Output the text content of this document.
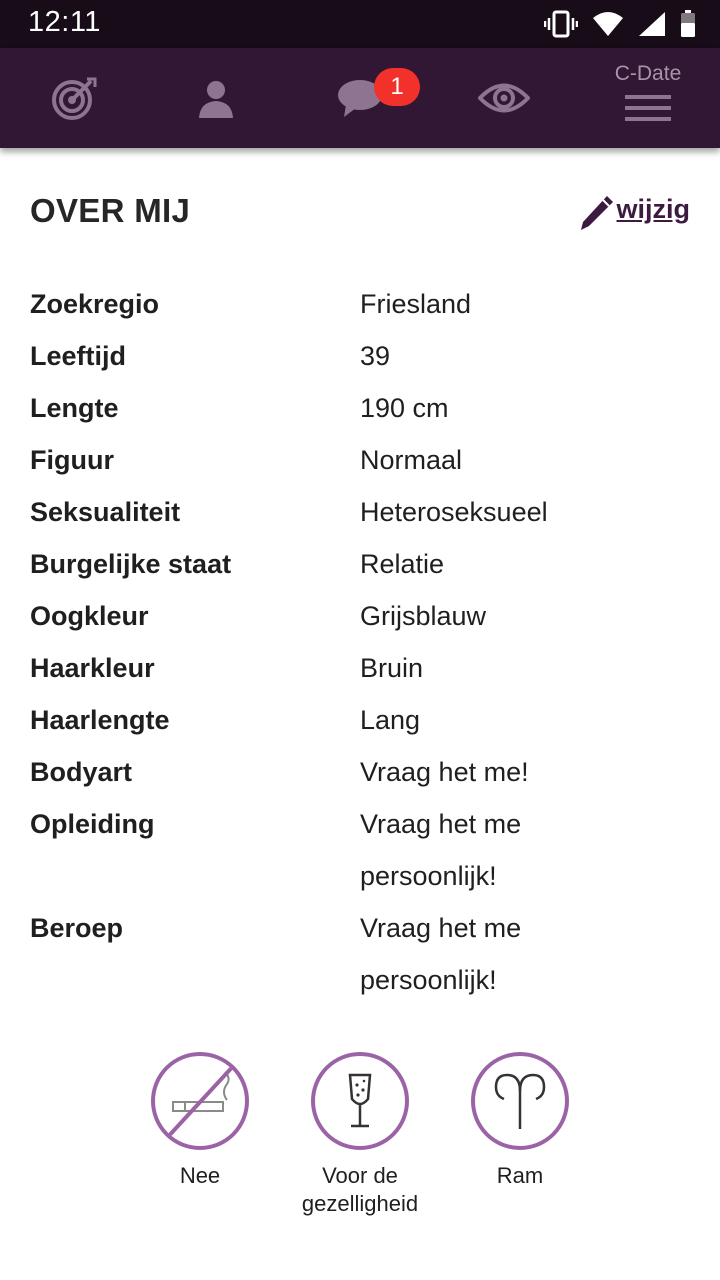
12:11
1	C-Date
OVER MIJ	wijzig
Zoekregio	Friesland
Leeftijd	39
Lengte	190 cm
Figuur	Normaal
Seksualiteit	Heteroseksueel
Burgelijke staat	Relatie
Oogkleur	Grijsblauw
Haarkleur	Bruin
Haarlengte	Lang
Bodyart	Vraag het me!
Opleiding	Vraag het me persoonlijk!
Beroep	Vraag het me persoonlijk!
Nee	Voor de gezelligheid
Ram
